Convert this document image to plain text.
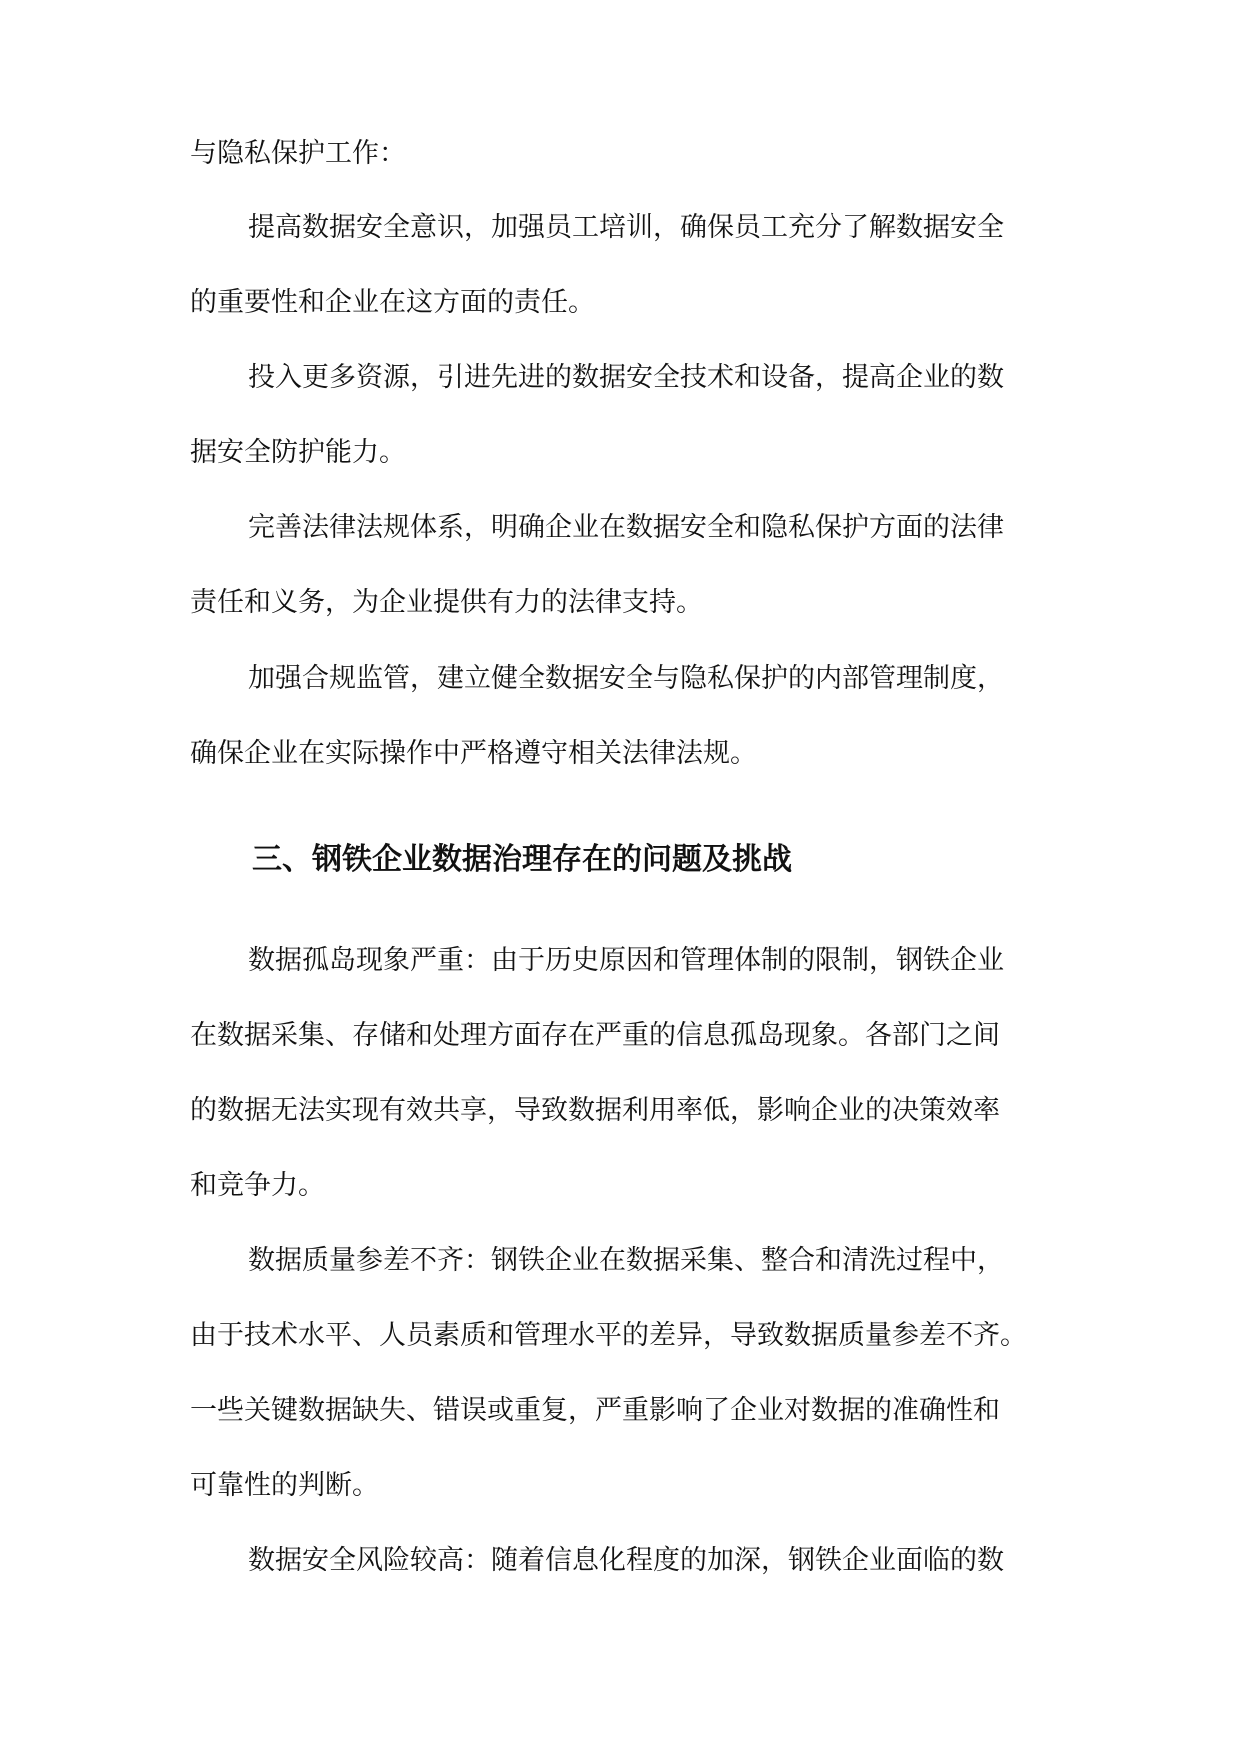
与隐私保护工作：

提高数据安全意识，加强员工培训，确保员工充分了解数据安全

的重要性和企业在这方面的责任。

投入更多资源，引进先进的数据安全技术和设备，提高企业的数

据安全防护能力。

完善法律法规体系，明确企业在数据安全和隐私保护方面的法律

责任和义务，为企业提供有力的法律支持。

加强合规监管，建立健全数据安全与隐私保护的内部管理制度，

确保企业在实际操作中严格遵守相关法律法规。

三、钢铁企业数据治理存在的问题及挑战

数据孤岛现象严重：由于历史原因和管理体制的限制，钢铁企业

在数据采集、存储和处理方面存在严重的信息孤岛现象。各部门之间

的数据无法实现有效共享，导致数据利用率低，影响企业的决策效率

和竞争力。

数据质量参差不齐：钢铁企业在数据采集、整合和清洗过程中，

由于技术水平、人员素质和管理水平的差异，导致数据质量参差不齐。

一些关键数据缺失、错误或重复，严重影响了企业对数据的准确性和

可靠性的判断。

数据安全风险较高：随着信息化程度的加深，钢铁企业面临的数
